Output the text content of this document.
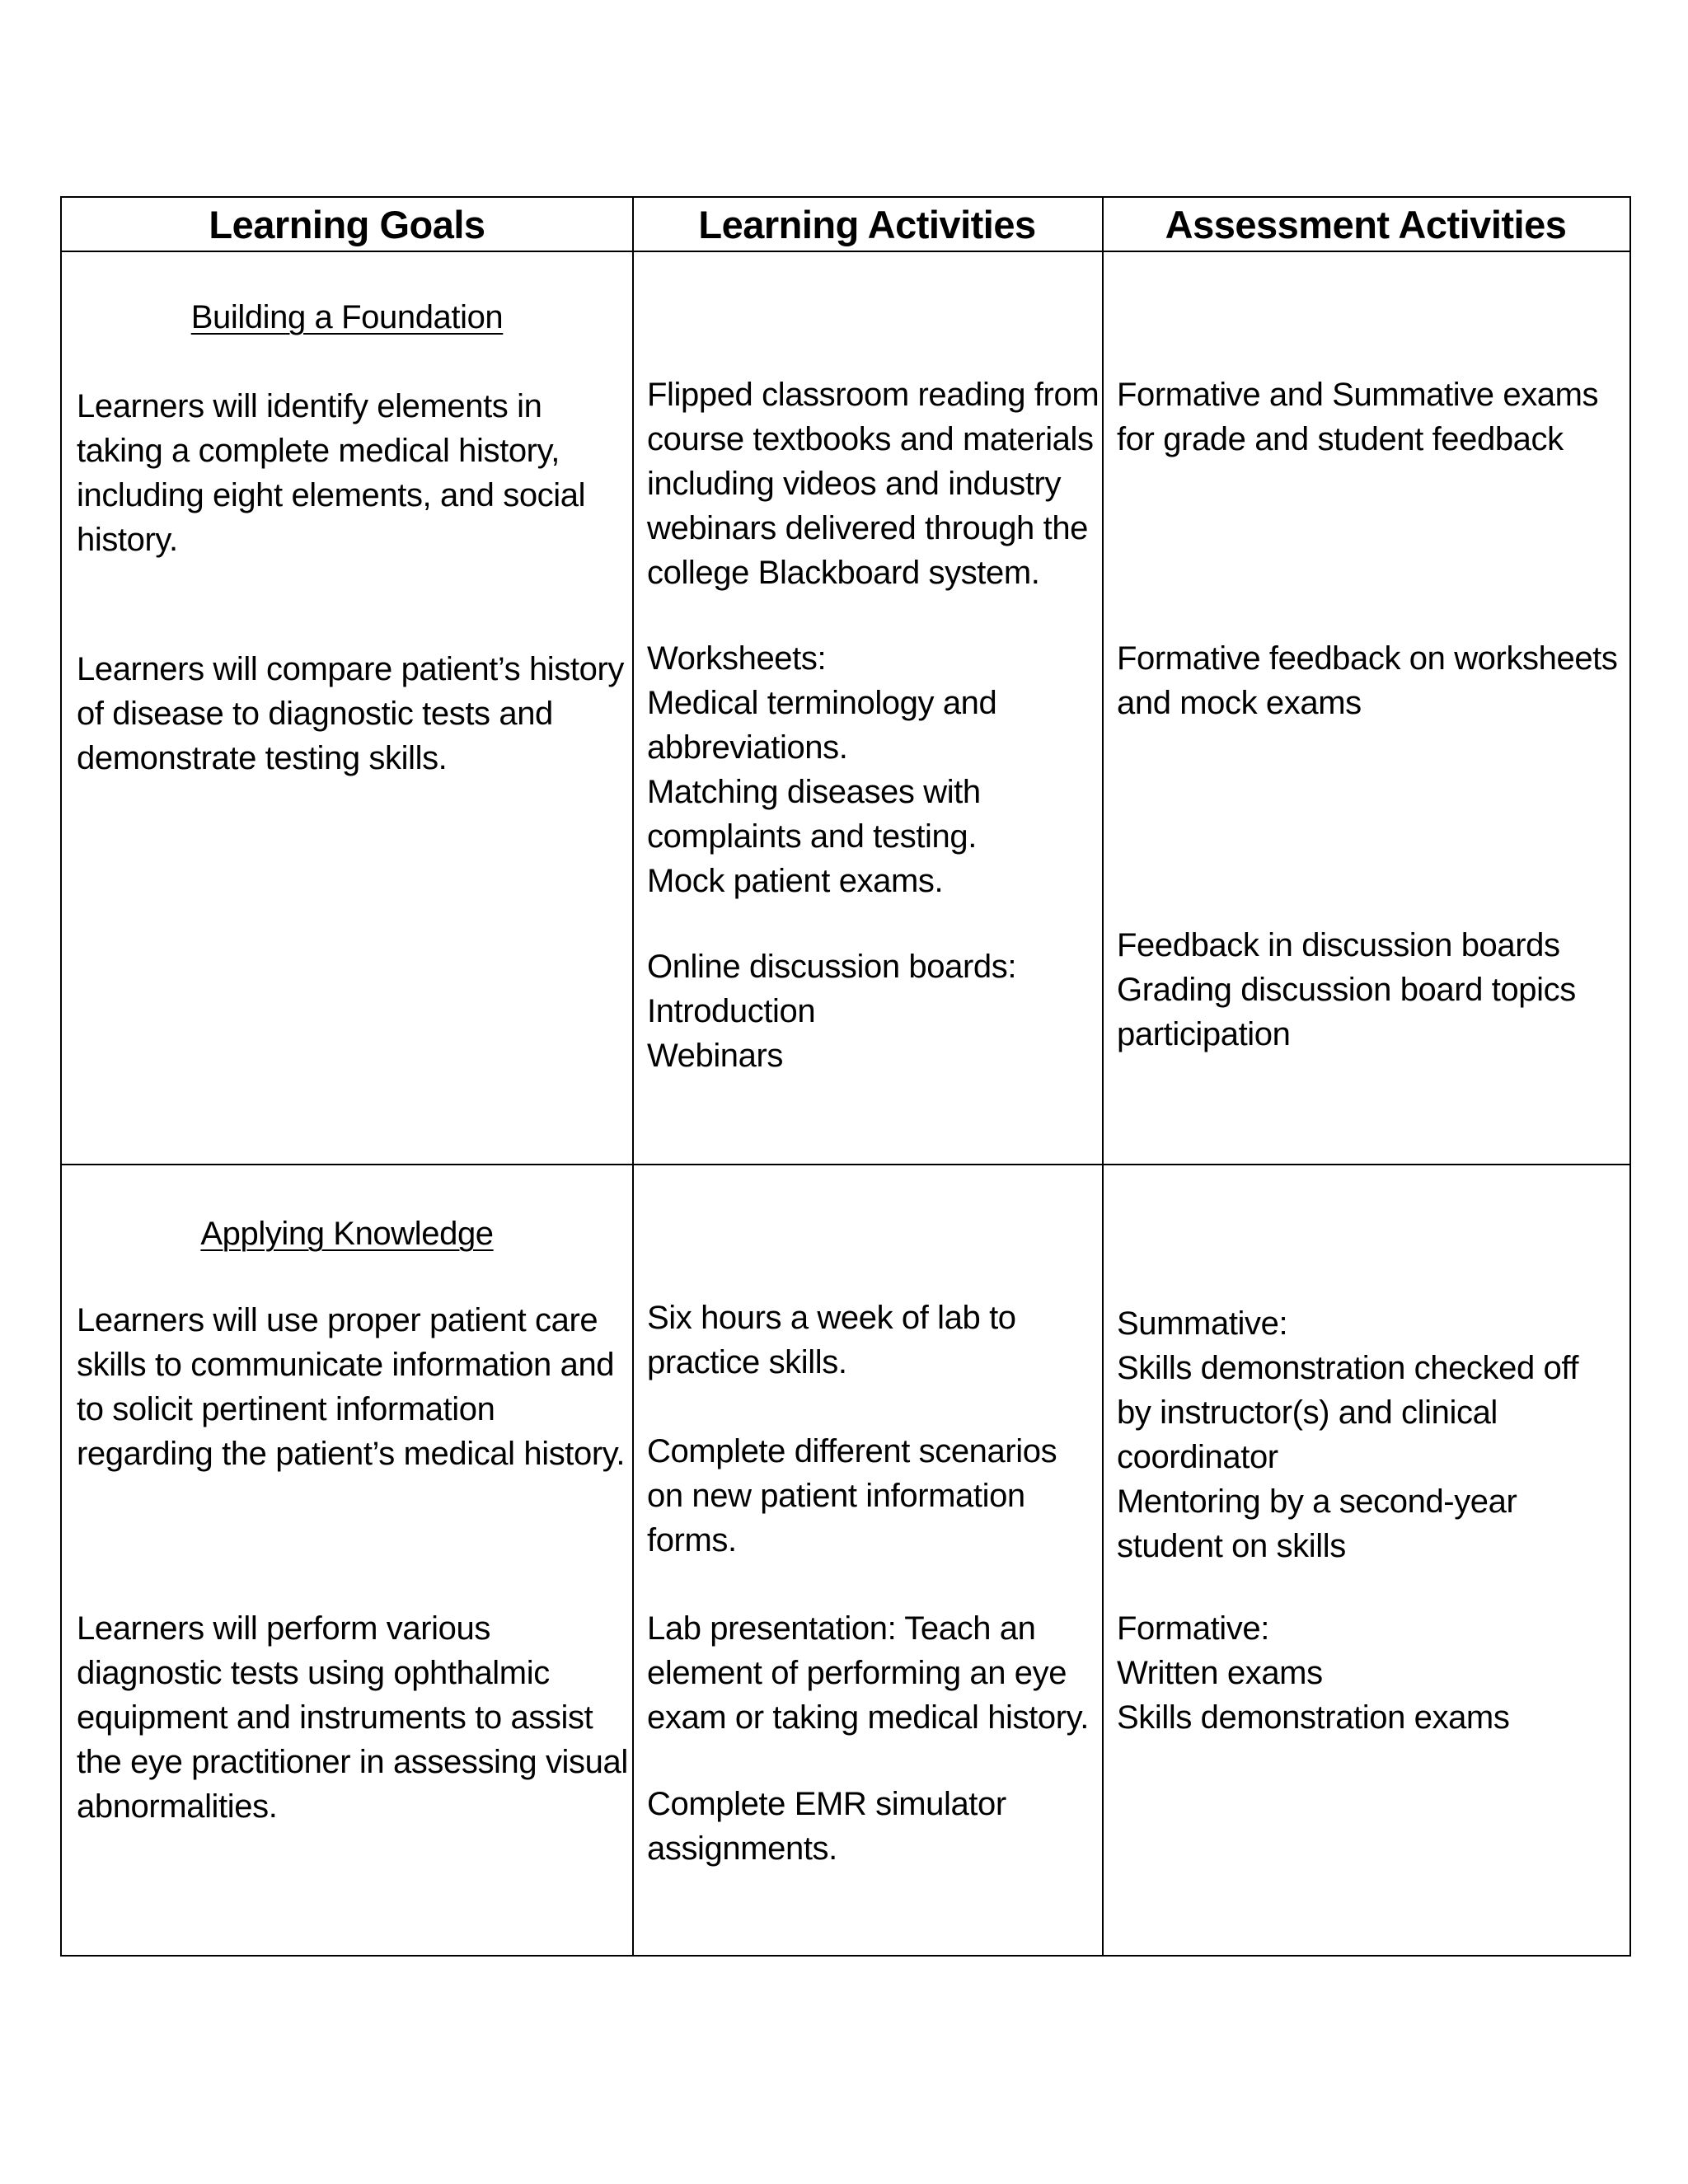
Learning Goals	Learning Activities	Assessment Activities
Building a Foundation
Learners will identify elements in
taking a complete medical history,
including eight elements, and social
history.
Learners will compare patient’s history
of disease to diagnostic tests and
demonstrate testing skills.
Flipped classroom reading from
course textbooks and materials
including videos and industry
webinars delivered through the
college Blackboard system.
Worksheets:
Medical terminology and
abbreviations.
Matching diseases with
complaints and testing.
Mock patient exams.
Online discussion boards:
Introduction
Webinars
Formative and Summative exams
for grade and student feedback
Formative feedback on worksheets
and mock exams
Feedback in discussion boards
Grading discussion board topics
participation
Applying Knowledge
Learners will use proper patient care
skills to communicate information and
to solicit pertinent information
regarding the patient’s medical history.
Learners will perform various
diagnostic tests using ophthalmic
equipment and instruments to assist
the eye practitioner in assessing visual
abnormalities.
Six hours a week of lab to
practice skills.
Complete different scenarios
on new patient information
forms.
Lab presentation: Teach an
element of performing an eye
exam or taking medical history.
Complete EMR simulator
assignments.
Summative:
Skills demonstration checked off
by instructor(s) and clinical
coordinator
Mentoring by a second-year
student on skills
Formative:
Written exams
Skills demonstration exams
